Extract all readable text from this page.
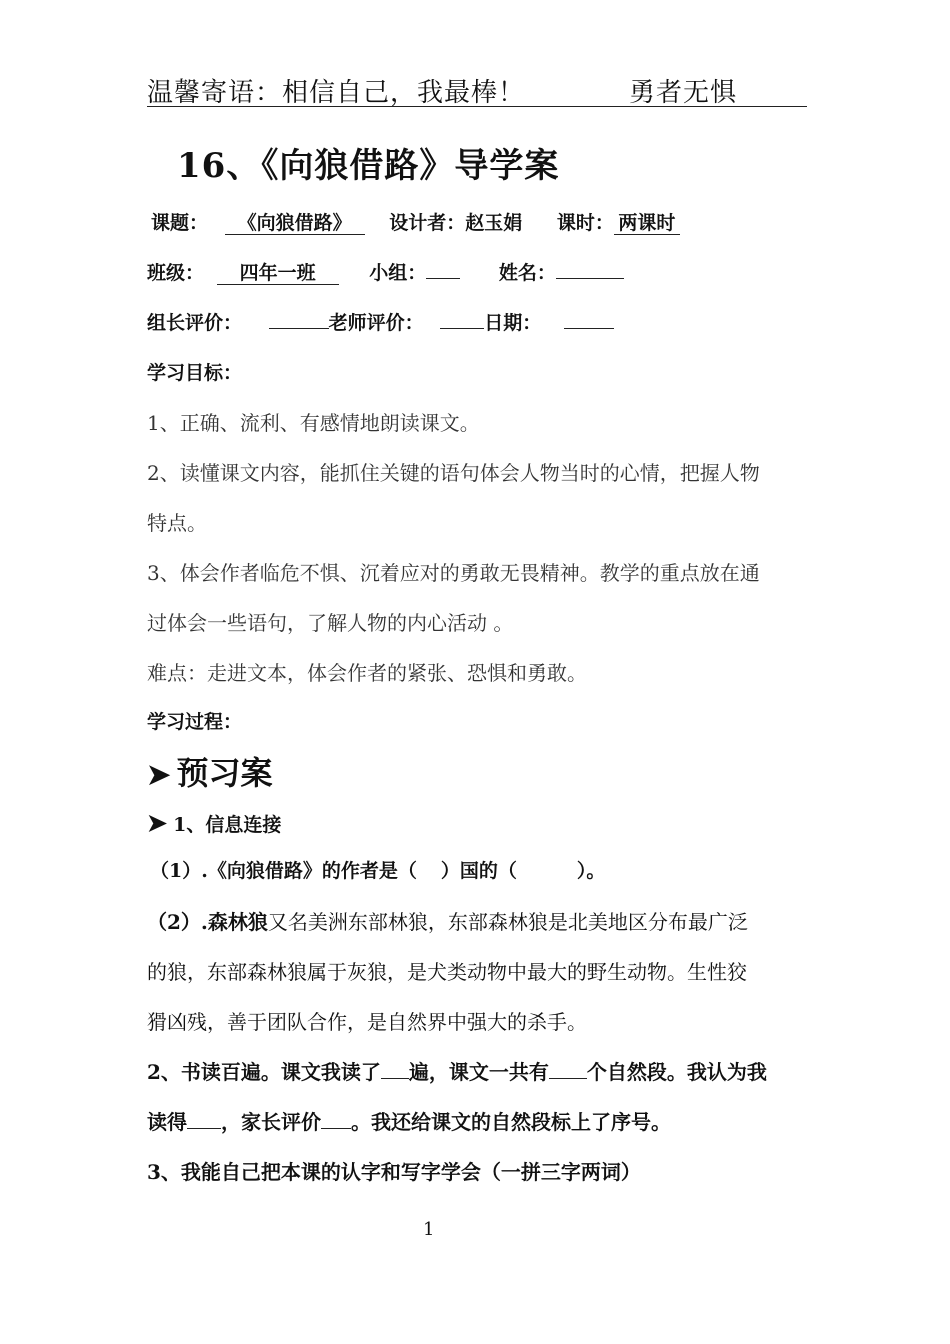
温馨寄语：相信自己，我最棒！	勇者无惧
16、《向狼借路》导学案
课题： 《向狼借路》 设计者：赵玉娟 课时： 两课时
班级： 四年一班	小组：	姓名：
组长评价：	老师评价：	日期：
学习目标：
1、正确、流利、有感情地朗读课文。
2、读懂课文内容，能抓住关键的语句体会人物当时的心情，把握人物
特点。
3、体会作者临危不惧、沉着应对的勇敢无畏精神。教学的重点放在通
过体会一些语句，了解人物的内心活动 。
难点：走进文本，体会作者的紧张、恐惧和勇敢。
学习过程：
➤ 预习案
➤ 1、信息连接
（1）.《向狼借路》的作者是（ ）国的（	）。
（2）.森林狼又名美洲东部林狼，东部森林狼是北美地区分布最广泛
的狼，东部森林狼属于灰狼，是犬类动物中最大的野生动物。生性狡
猾凶残，善于团队合作，是自然界中强大的杀手。
2、书读百遍。课文我读了 遍，课文一共有 个自然段。我认为我
读得 ，家长评价 。我还给课文的自然段标上了序号。
3、我能自己把本课的认字和写字学会（一拼三字两词）
1
